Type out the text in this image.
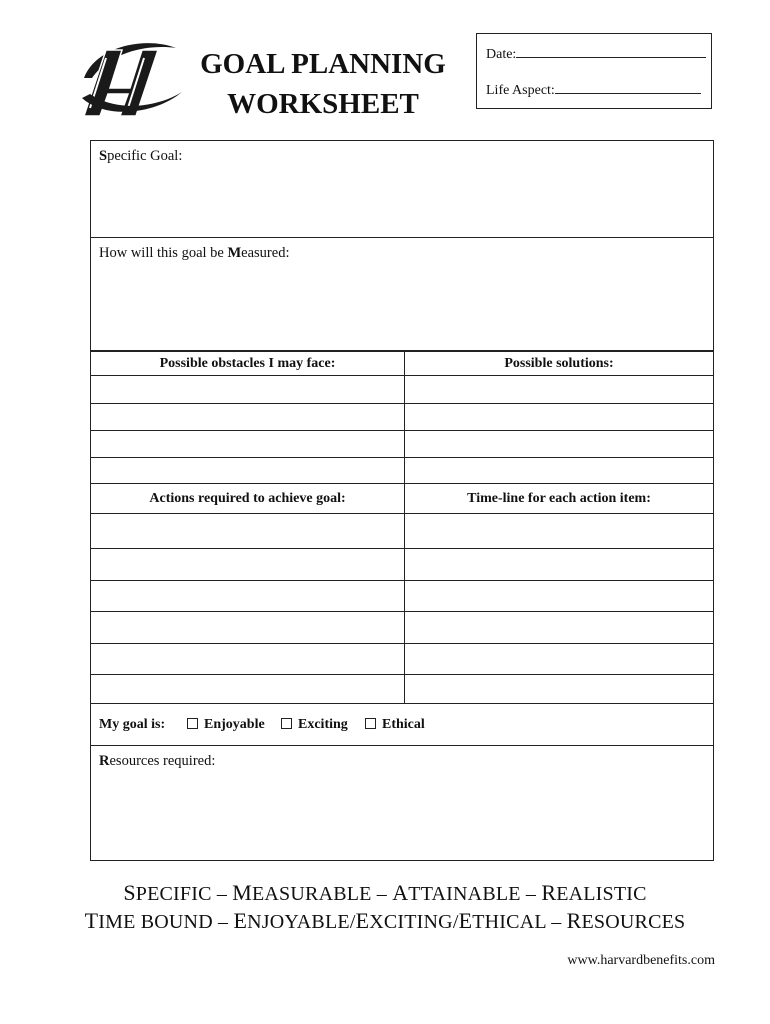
GOAL PLANNING
WORKSHEET
Date:
Life Aspect:
Specific Goal:
How will this goal be Measured:
Possible obstacles I may face:	Possible solutions:
Actions required to achieve goal:	Time-line for each action item:
My goal is:	Enjoyable	Exciting	Ethical
Resources required:
SPECIFIC – MEASURABLE – ATTAINABLE – REALISTIC
TIME BOUND – ENJOYABLE/EXCITING/ETHICAL – RESOURCES
www.harvardbenefits.com
